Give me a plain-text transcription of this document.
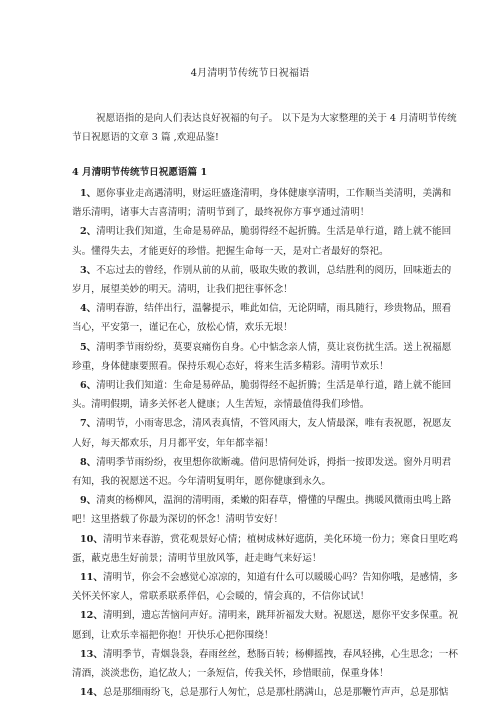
4月清明节传统节日祝福语

祝愿语指的是向人们表达良好祝福的句子。 以下是为大家整理的关于 4 月清明节传统节日祝愿语的文章 3 篇 ,欢迎品鉴!

4 月清明节传统节日祝愿语篇 1
1、愿你事业走高遇清明，财运旺盛逢清明，身体健康享清明，工作顺当美清明，美满和谐乐清明，诸事大吉喜清明；清明节到了，最终祝你方事亨通过清明！
2、清明让我们知道，生命是易碎品，脆弱得经不起折腾。生活是单行道，踏上就不能回头。懂得失去，才能更好的珍惜。把握生命每一天，是对亡者最好的祭祀。
3、不忘过去的曾经，作别从前的从前，吸取失败的教训，总结胜利的阅历，回味逝去的岁月，展望美妙的明天。清明，让我们把往事怀念！
4、清明春游，结伴出行，温馨提示，唯此如信，无论阴晴，雨具随行，珍贵物品，照看当心，平安第一，谨记在心，放松心情，欢乐无垠！
5、清明季节雨纷纷，莫要哀痛伤自身。心中惦念亲人情，莫让哀伤扰生活。送上祝福愿珍重，身体健康要照看。保持乐观心态好，将来生活多精彩。清明节欢乐！
6、清明让我们知道：生命是易碎品，脆弱得经不起折腾；生活是单行道，踏上就不能回头。清明假期，请多关怀老人健康；人生苦短，亲情最值得我们珍惜。
7、清明节，小雨寄思念，清风表真情，不管风雨大，友人情最深，唯有表祝愿，祝愿友人好，每天都欢乐，月月都平安，年年都幸福！
8、清明季节雨纷纷，夜里想你欲断魂。借问思情何处诉，拇指一按即发送。窗外月明君有知，我的祝愿送不迟。今年清明复明年，愿你健康到永久。
9、清爽的杨柳风，温润的清明雨，柔嫩的阳春草，懵懂的早醒虫。携暖风微雨虫鸣上路吧！这里搭载了你最为深切的怀念！清明节安好！
10、清明节来春游，赏花观景好心情；植树成林好遮荫，美化环境一份力；寒食日里吃鸡蛋，蔽克患生好前景；清明节里放风筝，赶走晦气来好运！
11、清明节，你会不会感觉心凉凉的，知道有什么可以暖暖心吗？告知你哦，是感情，多关怀关怀家人，常联系联系伴侣，心会暖的，情会真的，不信你试试！
12、清明到，遗忘苦恼问声好。清明来，跳拜祈福发大财。祝愿送，愿你平安多保重。祝愿到，让欢乐幸福把你抱！开快乐心把你围绕！
13、清明季节，青烟袅袅，春雨丝丝，愁肠百转；杨柳摇拽，春风轻拂，心生思念；一杯清酒，淡淡悲伤，追忆故人；一条短信，传我关怀，珍惜眼前，保重身体！
14、总是那细雨纷飞，总是那行人匆忙，总是那杜鹃满山，总是那鞭竹声声，总是那惦
